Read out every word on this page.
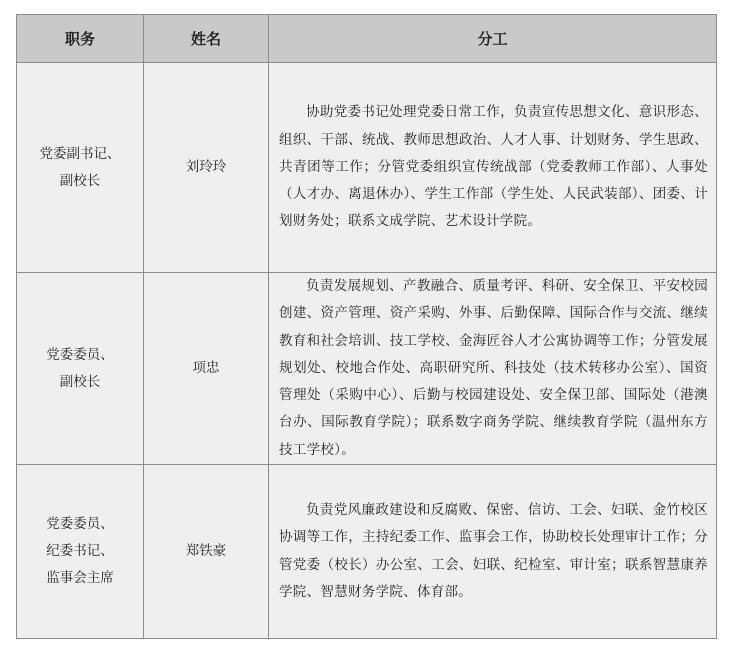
职务	姓名	分工

党委副书记、
副校长	刘玲玲	协助党委书记处理党委日常工作，负责宣传思想文化、意识形态、组织、干部、统战、教师思想政治、人才人事、计划财务、学生思政、共青团等工作；分管党委组织宣传统战部（党委教师工作部）、人事处（人才办、离退休办）、学生工作部（学生处、人民武装部）、团委、计划财务处；联系文成学院、艺术设计学院。

党委委员、
副校长	项忠	负责发展规划、产教融合、质量考评、科研、安全保卫、平安校园创建、资产管理、资产采购、外事、后勤保障、国际合作与交流、继续教育和社会培训、技工学校、金海匠谷人才公寓协调等工作；分管发展规划处、校地合作处、高职研究所、科技处（技术转移办公室）、国资管理处（采购中心）、后勤与校园建设处、安全保卫部、国际处（港澳台办、国际教育学院）；联系数字商务学院、继续教育学院（温州东方技工学校）。

党委委员、
纪委书记、
监事会主席	郑铁豪	负责党风廉政建设和反腐败、保密、信访、工会、妇联、金竹校区协调等工作，主持纪委工作、监事会工作，协助校长处理审计工作；分管党委（校长）办公室、工会、妇联、纪检室、审计室；联系智慧康养学院、智慧财务学院、体育部。
